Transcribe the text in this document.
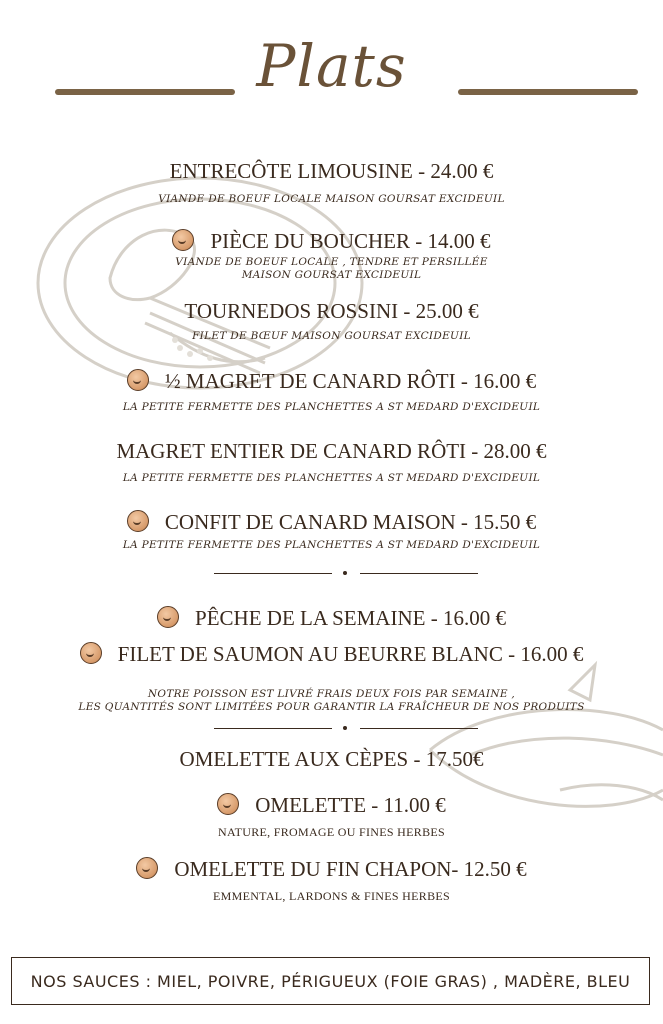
Plats
ENTRECÔTE LIMOUSINE - 24.00 €
VIANDE DE BOEUF LOCALE MAISON GOURSAT EXCIDEUIL
PIÈCE DU BOUCHER - 14.00 €
VIANDE DE BOEUF LOCALE , TENDRE ET PERSILLÉE
MAISON GOURSAT EXCIDEUIL
TOURNEDOS ROSSINI - 25.00 €
FILET DE BŒUF MAISON GOURSAT EXCIDEUIL
½ MAGRET DE CANARD RÔTI - 16.00 €
LA PETITE FERMETTE DES PLANCHETTES A ST MEDARD D'EXCIDEUIL
MAGRET ENTIER DE CANARD RÔTI - 28.00 €
LA PETITE FERMETTE DES PLANCHETTES A ST MEDARD D'EXCIDEUIL
CONFIT DE CANARD MAISON - 15.50 €
LA PETITE FERMETTE DES PLANCHETTES A ST MEDARD D'EXCIDEUIL
PÊCHE DE LA SEMAINE - 16.00 €
FILET DE SAUMON AU BEURRE BLANC - 16.00 €
NOTRE POISSON EST LIVRÉ FRAIS DEUX FOIS PAR SEMAINE ,
LES QUANTITÉS SONT LIMITÉES POUR GARANTIR LA FRAÎCHEUR DE NOS PRODUITS
OMELETTE AUX CÈPES - 17.50€
OMELETTE - 11.00 €
NATURE, FROMAGE OU FINES HERBES
OMELETTE DU FIN CHAPON- 12.50 €
EMMENTAL, LARDONS & FINES HERBES
NOS SAUCES : MIEL, POIVRE, PÉRIGUEUX (FOIE GRAS) , MADÈRE, BLEU
